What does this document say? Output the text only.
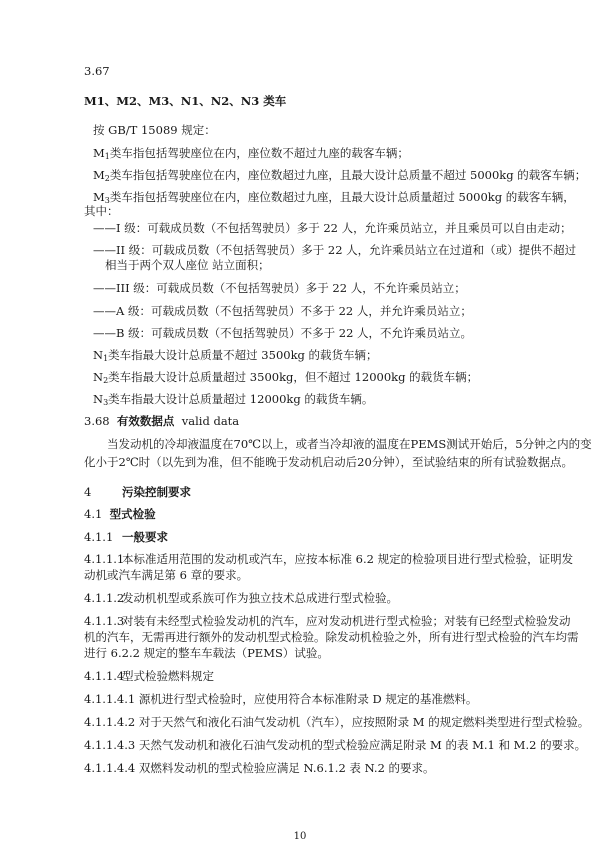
3.67
M1、M2、M3、N1、N2、N3 类车
按 GB/T 15089 规定：
$M_1$类车指包括驾驶座位在内，座位数不超过九座的载客车辆；
$M_2$类车指包括驾驶座位在内，座位数超过九座，且最大设计总质量不超过 5000kg 的载客车辆；
$M_3$类车指包括驾驶座位在内，座位数超过九座，且最大设计总质量超过 5000kg 的载客车辆，
其中：
——I 级：可载成员数（不包括驾驶员）多于 22 人，允许乘员站立，并且乘员可以自由走动；
——II 级：可载成员数（不包括驾驶员）多于 22 人，允许乘员站立在过道和（或）提供不超过
相当于两个双人座位 站立面积；
——III 级：可载成员数（不包括驾驶员）多于 22 人，不允许乘员站立；
——A 级：可载成员数（不包括驾驶员）不多于 22 人，并允许乘员站立；
——B 级：可载成员数（不包括驾驶员）不多于 22 人，不允许乘员站立。
$N_1$类车指最大设计总质量不超过 3500kg 的载货车辆；
$N_2$类车指最大设计总质量超过 3500kg，但不超过 12000kg 的载货车辆；
$N_3$类车指最大设计总质量超过 12000kg 的载货车辆。
3.68 有效数据点 valid data
当发动机的冷却液温度在70℃以上，或者当冷却液的温度在PEMS测试开始后，5分钟之内的变
化小于2℃时（以先到为准，但不能晚于发动机启动后20分钟），至试验结束的所有试验数据点。
4	污染控制要求
4.1 型式检验
4.1.1 一般要求
4.1.1.1本标准适用范围的发动机或汽车，应按本标准 6.2 规定的检验项目进行型式检验，证明发
动机或汽车满足第 6 章的要求。
4.1.1.2发动机机型或系族可作为独立技术总成进行型式检验。
4.1.1.3对装有未经型式检验发动机的汽车，应对发动机进行型式检验；对装有已经型式检验发动
机的汽车，无需再进行额外的发动机型式检验。除发动机检验之外，所有进行型式检验的汽车均需
进行 6.2.2 规定的整车车载法（PEMS）试验。
4.1.1.4型式检验燃料规定
4.1.1.4.1 源机进行型式检验时，应使用符合本标准附录 D 规定的基准燃料。
4.1.1.4.2 对于天然气和液化石油气发动机（汽车），应按照附录 M 的规定燃料类型进行型式检验。
4.1.1.4.3 天然气发动机和液化石油气发动机的型式检验应满足附录 M 的表 M.1 和 M.2 的要求。
4.1.1.4.4 双燃料发动机的型式检验应满足 N.6.1.2 表 N.2 的要求。
10
